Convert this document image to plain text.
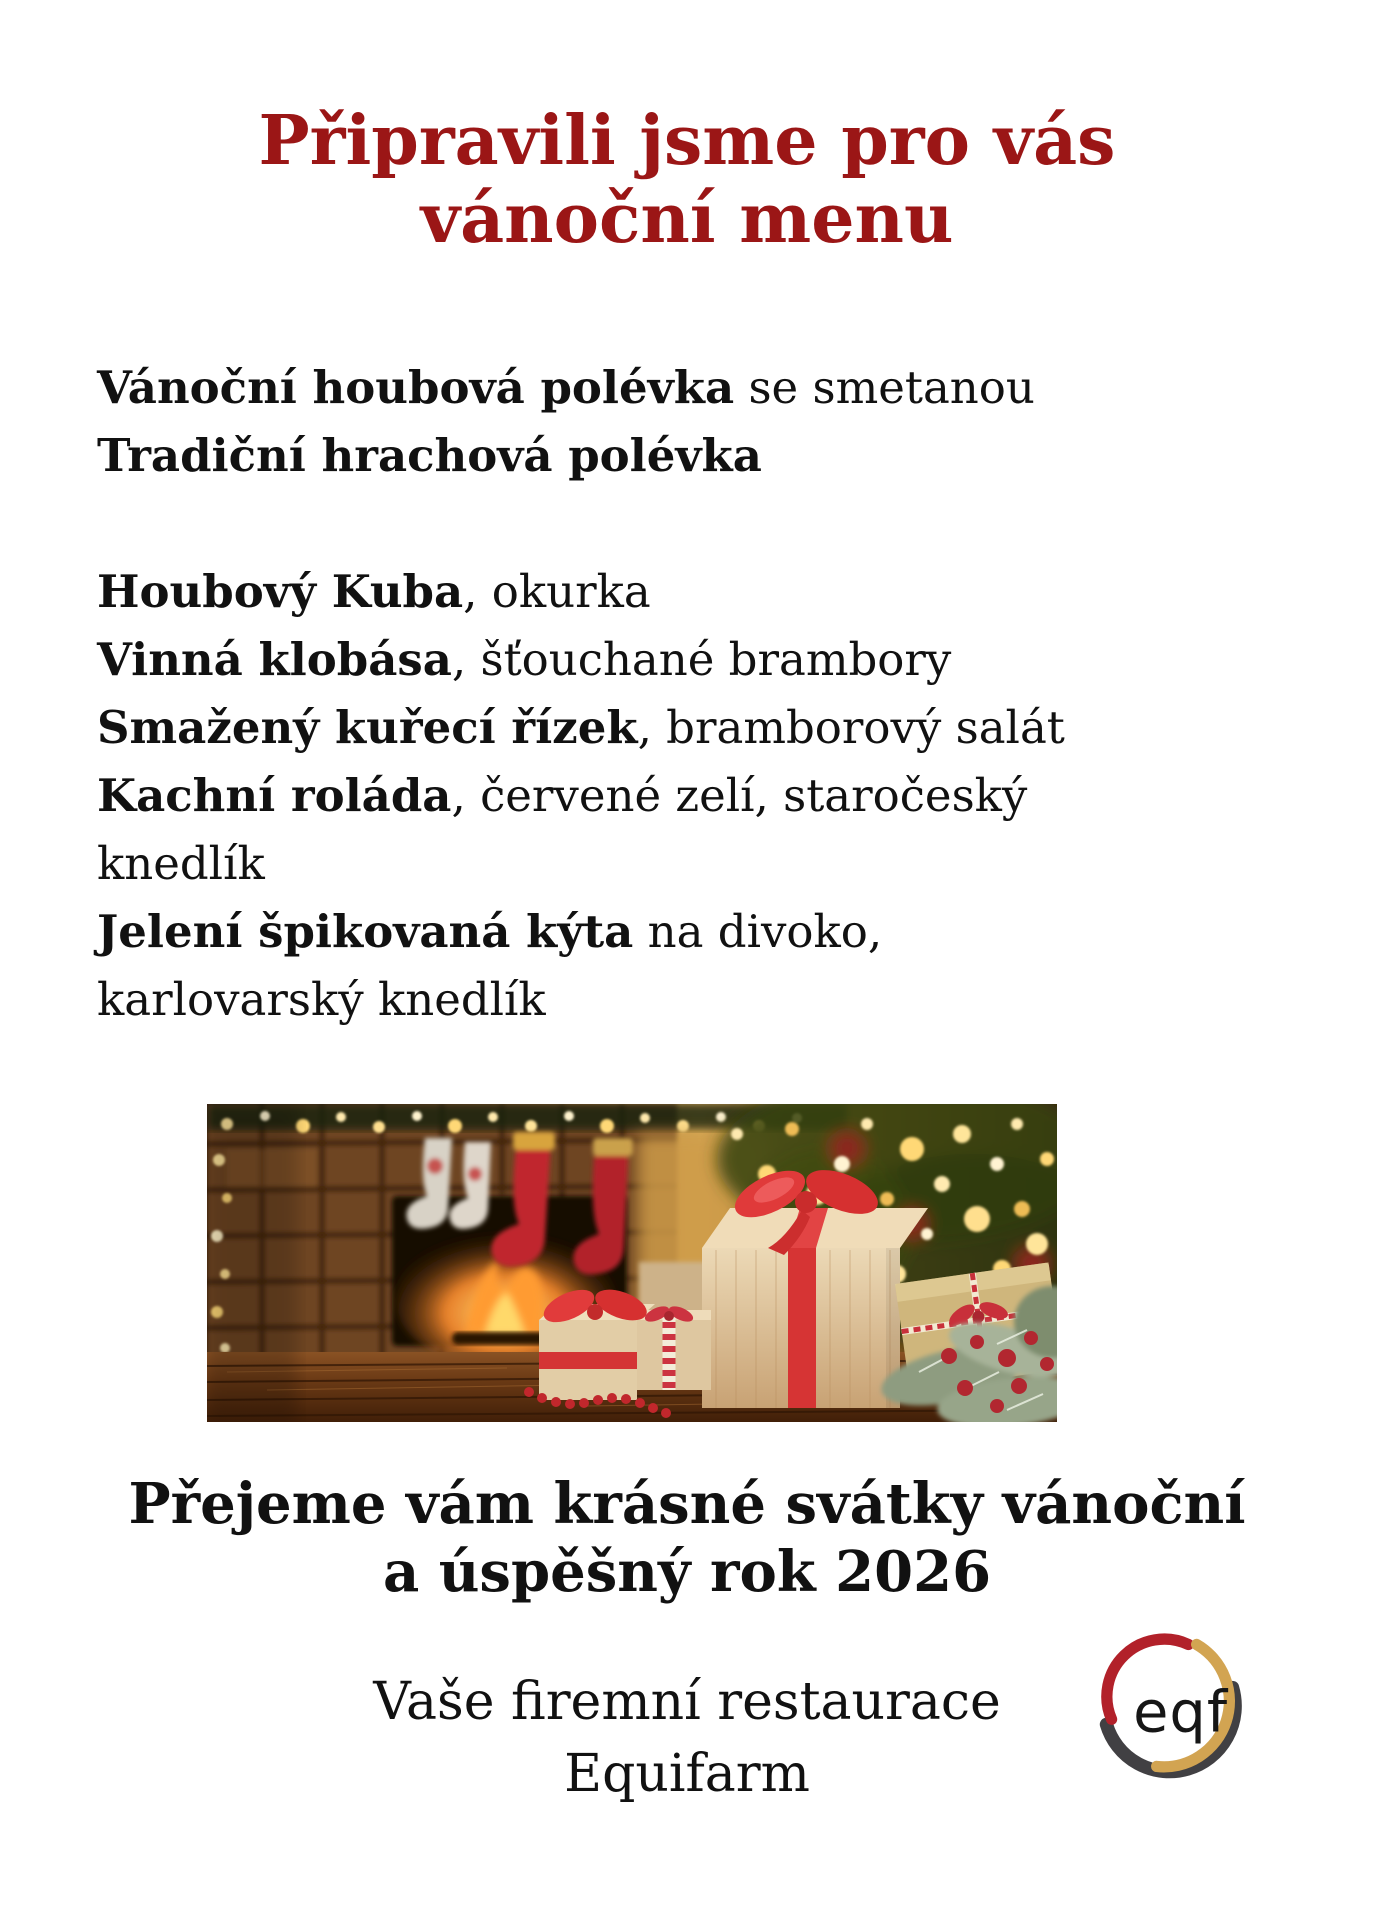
Připravili jsme pro vás
vánoční menu

Vánoční houbová polévka se smetanou

Tradiční hrachová polévka

Houbový Kuba, okurka

Vinná klobása, šťouchané brambory

Smažený kuřecí řízek, bramborový salát

Kachní roláda, červené zelí, staročeský knedlík

Jelení špikovaná kýta na divoko, karlovarský knedlík

Přejeme vám krásné svátky vánoční
a úspěšný rok 2026
Vaše firemní restaurace
Equifarm
eqf
